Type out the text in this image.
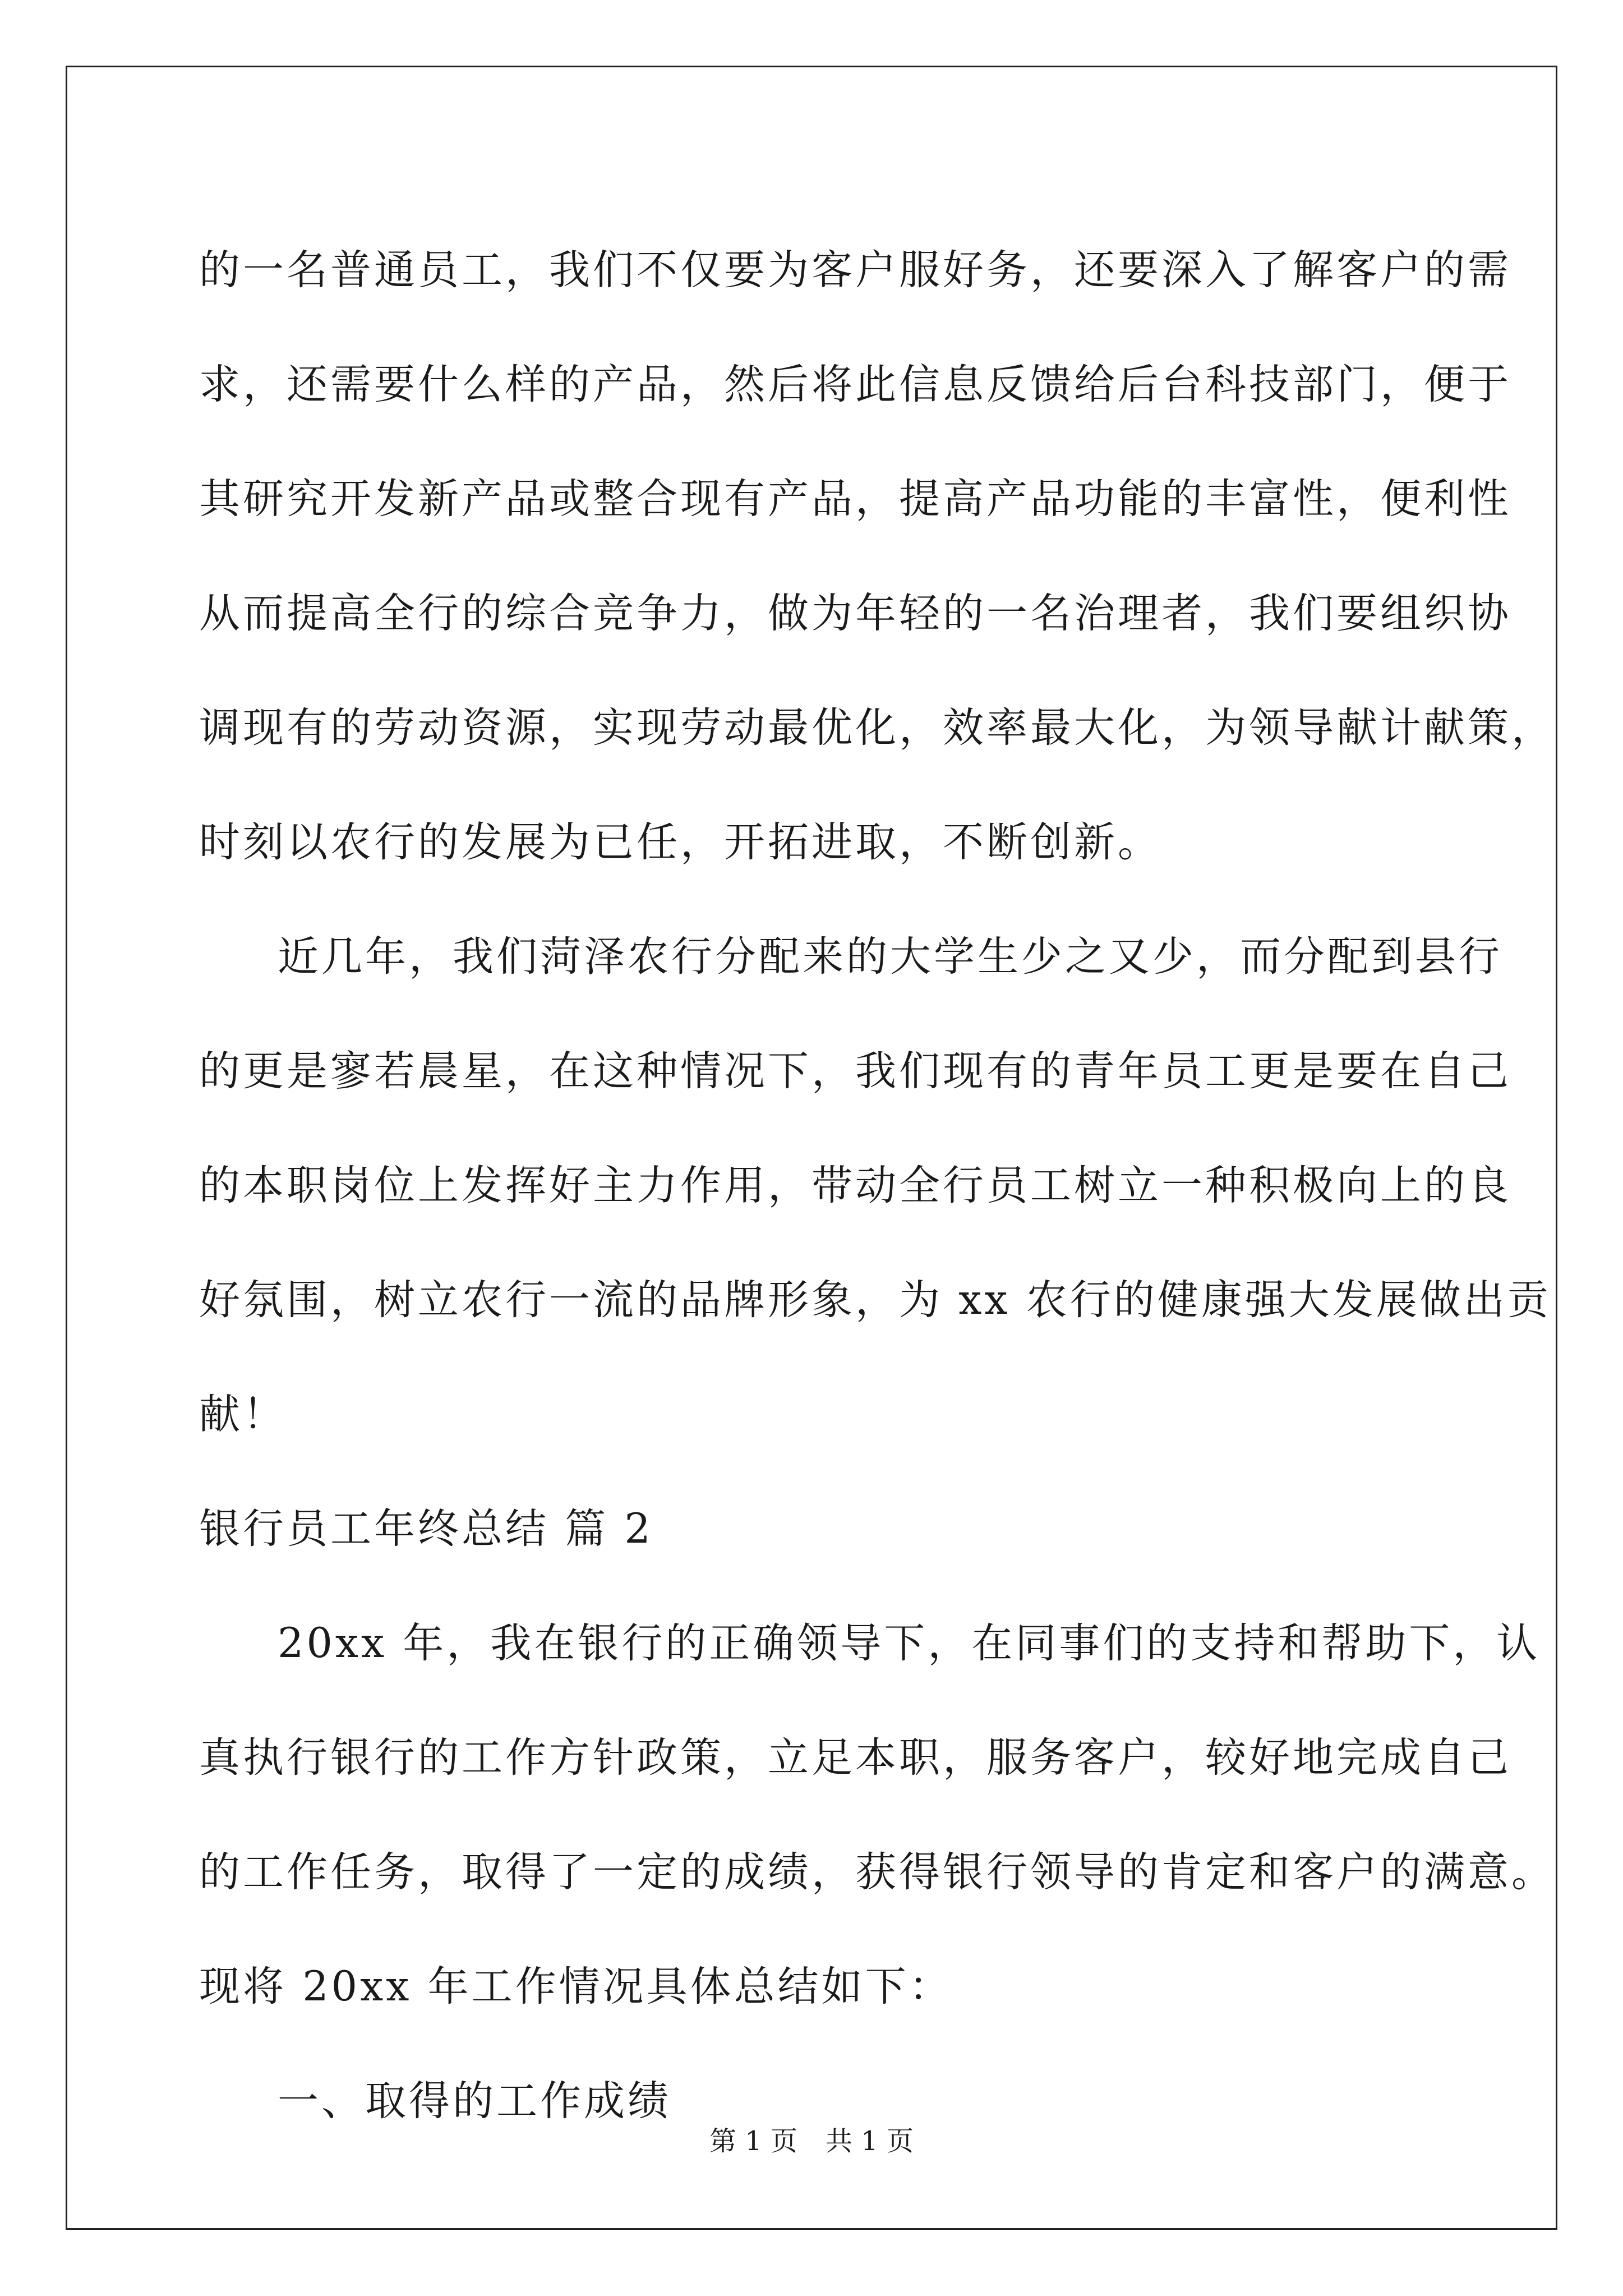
的一名普通员工，我们不仅要为客户服好务，还要深入了解客户的需
求，还需要什么样的产品，然后将此信息反馈给后台科技部门，便于
其研究开发新产品或整合现有产品，提高产品功能的丰富性，便利性
从而提高全行的综合竞争力，做为年轻的一名治理者，我们要组织协
调现有的劳动资源，实现劳动最优化，效率最大化，为领导献计献策，
时刻以农行的发展为已任，开拓进取，不断创新。
近几年，我们菏泽农行分配来的大学生少之又少，而分配到县行
的更是寥若晨星，在这种情况下，我们现有的青年员工更是要在自己
的本职岗位上发挥好主力作用，带动全行员工树立一种积极向上的良
好氛围，树立农行一流的品牌形象，为 xx 农行的健康强大发展做出贡
献！
银行员工年终总结 篇 2
20xx 年，我在银行的正确领导下，在同事们的支持和帮助下，认
真执行银行的工作方针政策，立足本职，服务客户，较好地完成自己
的工作任务，取得了一定的成绩，获得银行领导的肯定和客户的满意。
现将 20xx 年工作情况具体总结如下：
一、取得的工作成绩
第 1 页 共 1 页
